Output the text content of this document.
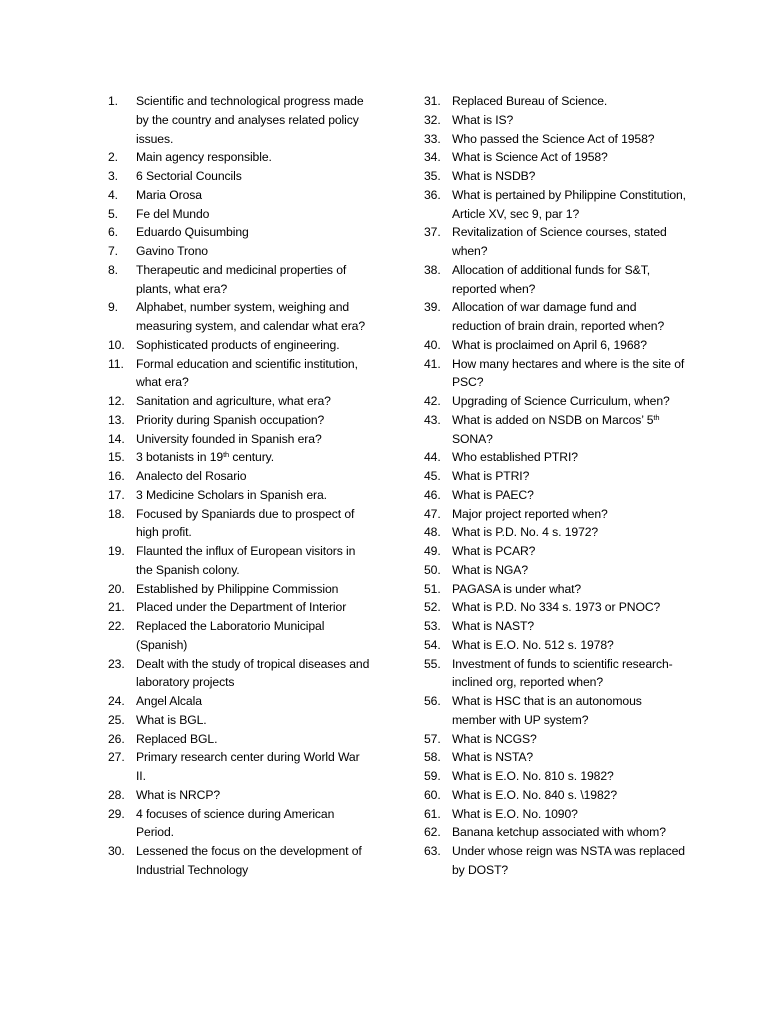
1.	Scientific and technological progress made by the country and analyses related policy issues.
2.	Main agency responsible.
3.	6 Sectorial Councils
4.	Maria Orosa
5.	Fe del Mundo
6.	Eduardo Quisumbing
7.	Gavino Trono
8.	Therapeutic and medicinal properties of plants, what era?
9.	Alphabet, number system, weighing and measuring system, and calendar what era?
10. Sophisticated products of engineering.
11.	Formal education and scientific institution, what era?
12. Sanitation and agriculture, what era?
13. Priority during Spanish occupation?
14. University founded in Spanish era?
15. 3 botanists in 19th century.
16. Analecto del Rosario
17. 3 Medicine Scholars in Spanish era.
18. Focused by Spaniards due to prospect of high profit.
19. Flaunted the influx of European visitors in the Spanish colony.
20. Established by Philippine Commission
21. Placed under the Department of Interior
22. Replaced the Laboratorio Municipal (Spanish)
23. Dealt with the study of tropical diseases and laboratory projects
24. Angel Alcala
25. What is BGL.
26. Replaced BGL.
27. Primary research center during World War II.
28. What is NRCP?
29. 4 focuses of science during American Period.
30. Lessened the focus on the development of Industrial Technology
31. Replaced Bureau of Science.
32. What is IS?
33. Who passed the Science Act of 1958?
34. What is Science Act of 1958?
35. What is NSDB?
36. What is pertained by Philippine Constitution, Article XV, sec 9, par 1?
37. Revitalization of Science courses, stated when?
38. Allocation of additional funds for S&T, reported when?
39. Allocation of war damage fund and reduction of brain drain, reported when?
40. What is proclaimed on April 6, 1968?
41. How many hectares and where is the site of PSC?
42. Upgrading of Science Curriculum, when?
43. What is added on NSDB on Marcos’ 5th SONA?
44. Who established PTRI?
45. What is PTRI?
46. What is PAEC?
47. Major project reported when?
48. What is P.D. No. 4 s. 1972?
49. What is PCAR?
50. What is NGA?
51. PAGASA is under what?
52. What is P.D. No 334 s. 1973 or PNOC?
53. What is NAST?
54. What is E.O. No. 512 s. 1978?
55. Investment of funds to scientific research-inclined org, reported when?
56. What is HSC that is an autonomous member with UP system?
57. What is NCGS?
58. What is NSTA?
59. What is E.O. No. 810 s. 1982?
60. What is E.O. No. 840 s. \1982?
61. What is E.O. No. 1090?
62. Banana ketchup associated with whom?
63. Under whose reign was NSTA was replaced by DOST?
